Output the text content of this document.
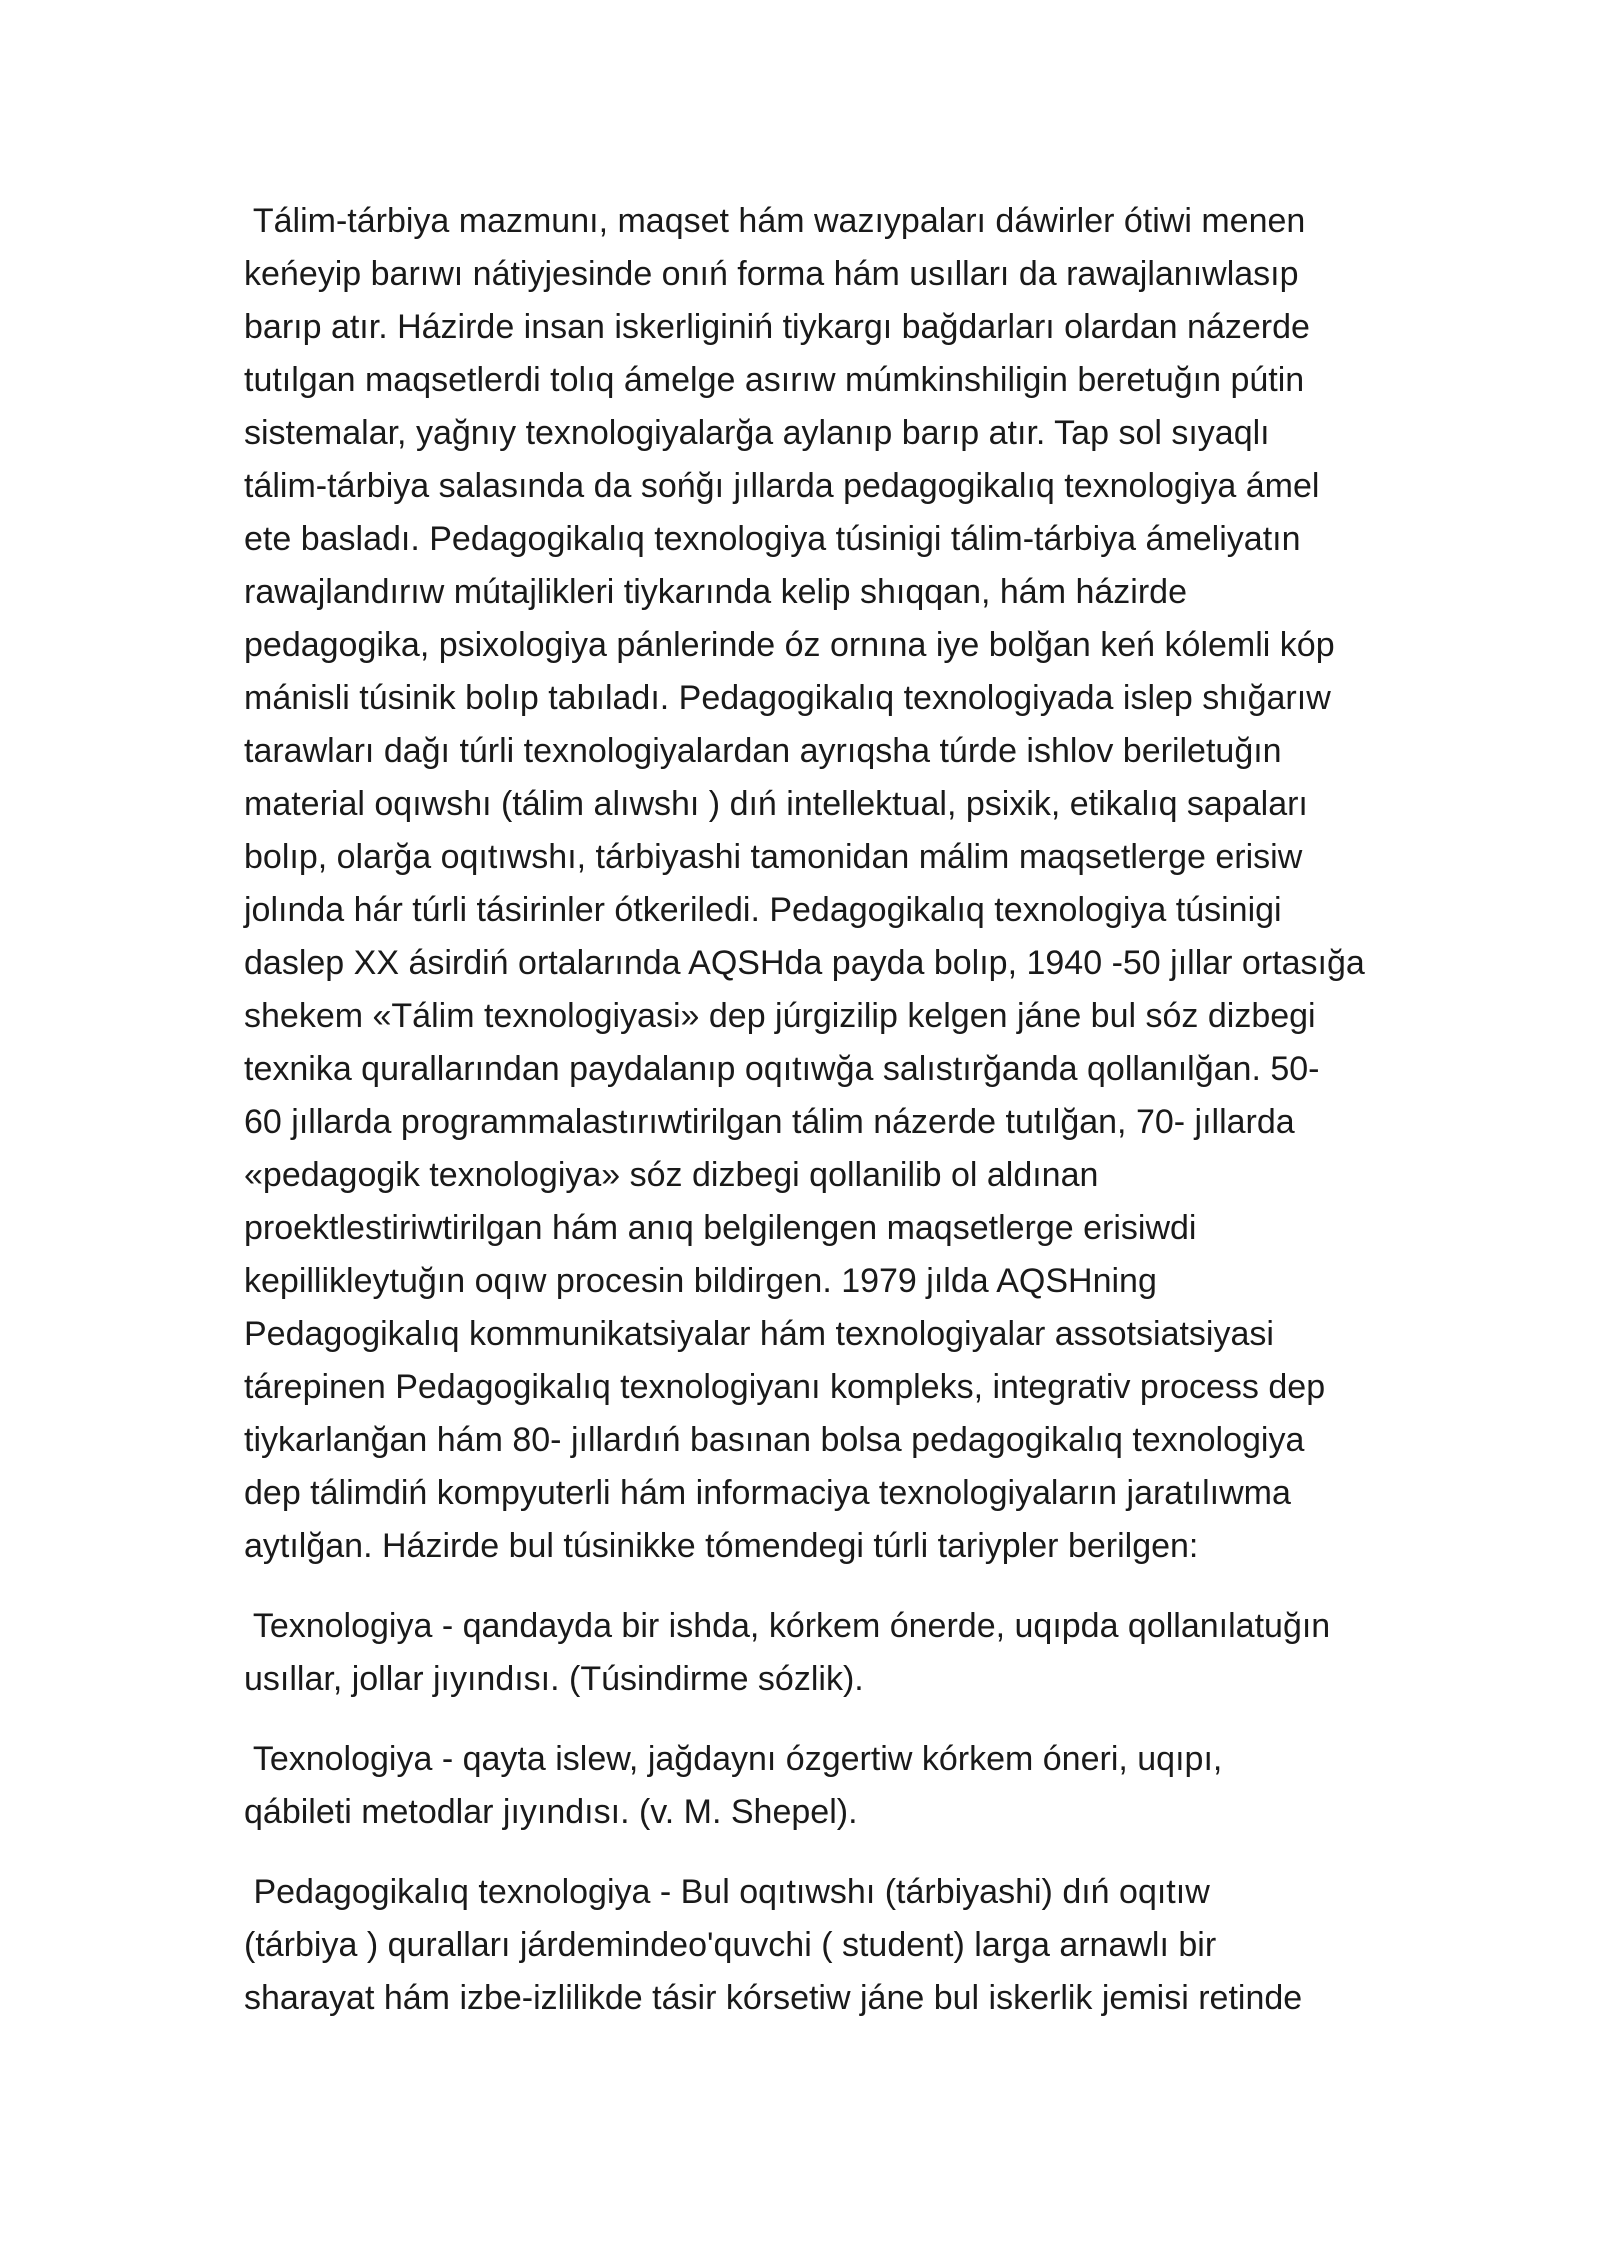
Tálim-tárbiya mazmunı, maqset hám wazıypaları dáwirler ótiwi menen
keńeyip barıwı nátiyjesinde onıń forma hám usılları da rawajlanıwlasıp
barıp atır. Házirde insan iskerliginiń tiykargı bağdarları olardan názerde
tutılgan maqsetlerdi tolıq ámelge asırıw múmkinshiligin beretuğın pútin
sistemalar, yağnıy texnologiyalarğa aylanıp barıp atır. Tap sol sıyaqlı
tálim-tárbiya salasında da sońğı jıllarda pedagogikalıq texnologiya ámel
ete basladı. Pedagogikalıq texnologiya túsinigi tálim-tárbiya ámeliyatın
rawajlandırıw mútajlikleri tiykarında kelip shıqqan, hám házirde
pedagogika, psixologiya pánlerinde óz ornına iye bolğan keń kólemli kóp
mánisli túsinik bolıp tabıladı. Pedagogikalıq texnologiyada islep shığarıw
tarawları dağı túrli texnologiyalardan ayrıqsha túrde ishlov beriletuğın
material oqıwshı (tálim alıwshı ) dıń intellektual, psixik, etikalıq sapaları
bolıp, olarğa oqıtıwshı, tárbiyashi tamonidan málim maqsetlerge erisiw
jolında hár túrli tásirinler ótkeriledi. Pedagogikalıq texnologiya túsinigi
daslep XX ásirdiń ortalarında AQSHda payda bolıp, 1940 -50 jıllar ortasığa
shekem «Tálim texnologiyasi» dep júrgizilip kelgen jáne bul sóz dizbegi
texnika qurallarından paydalanıp oqıtıwğa salıstırğanda qollanılğan. 50-
60 jıllarda programmalastırıwtirilgan tálim názerde tutılğan, 70- jıllarda
«pedagogik texnologiya» sóz dizbegi qollanilib ol aldınan
proektlestiriwtirilgan hám anıq belgilengen maqsetlerge erisiwdi
kepillikleytuğın oqıw procesin bildirgen. 1979 jılda AQSHning
Pedagogikalıq kommunikatsiyalar hám texnologiyalar assotsiatsiyasi
tárepinen Pedagogikalıq texnologiyanı kompleks, integrativ process dep
tiykarlanğan hám 80- jıllardıń basınan bolsa pedagogikalıq texnologiya
dep tálimdiń kompyuterli hám informaciya texnologiyaların jaratılıwma
aytılğan. Házirde bul túsinikke tómendegi túrli tariypler berilgen:
Texnologiya - qandayda bir ishda, kórkem ónerde, uqıpda qollanılatuğın
usıllar, jollar jıyındısı. (Túsindirme sózlik).
Texnologiya - qayta islew, jağdaynı ózgertiw kórkem óneri, uqıpı,
qábileti metodlar jıyındısı. (v. M. Shepel).
Pedagogikalıq texnologiya - Bul oqıtıwshı (tárbiyashi) dıń oqıtıw
(tárbiya ) quralları járdemindeo'quvchi ( student) larga arnawlı bir
sharayat hám izbe-izlilikde tásir kórsetiw jáne bul iskerlik jemisi retinde
